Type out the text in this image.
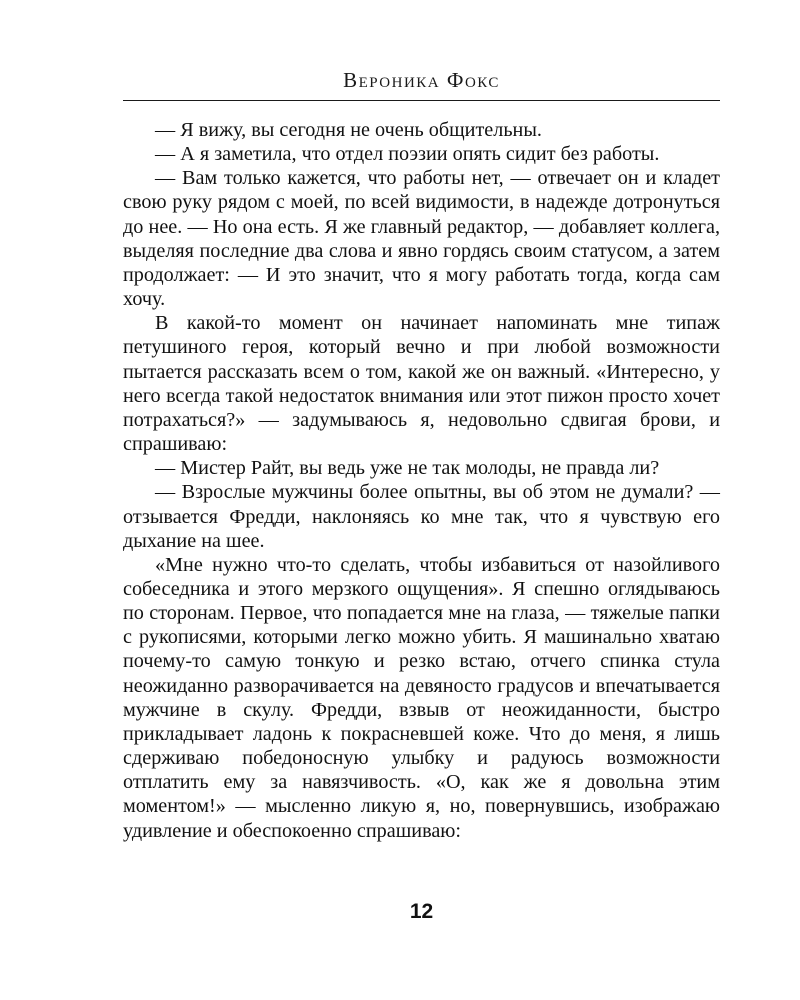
Вероника Фокс

— Я вижу, вы сегодня не очень общительны.

— А я заметила, что отдел поэзии опять сидит без работы.

— Вам только кажется, что работы нет, — отвечает он и кладет свою руку рядом с моей, по всей видимости, в надежде дотронуться до нее. — Но она есть. Я же главный редактор, — добавляет коллега, выделяя последние два слова и явно гордясь своим статусом, а затем продолжает: — И это значит, что я могу работать тогда, когда сам хочу.

В какой-то момент он начинает напоминать мне типаж петушиного героя, который вечно и при любой возможности пытается рассказать всем о том, какой же он важный. «Интересно, у него всегда такой недостаток внимания или этот пижон просто хочет потрахаться?» — задумываюсь я, недовольно сдвигая брови, и спрашиваю:

— Мистер Райт, вы ведь уже не так молоды, не правда ли?

— Взрослые мужчины более опытны, вы об этом не думали? — отзывается Фредди, наклоняясь ко мне так, что я чувствую его дыхание на шее.

«Мне нужно что-то сделать, чтобы избавиться от назойливого собеседника и этого мерзкого ощущения». Я спешно оглядываюсь по сторонам. Первое, что попадается мне на глаза, — тяжелые папки с рукописями, которыми легко можно убить. Я машинально хватаю почему-то самую тонкую и резко встаю, отчего спинка стула неожиданно разворачивается на девяносто градусов и впечатывается мужчине в скулу. Фредди, взвыв от неожиданности, быстро прикладывает ладонь к покрасневшей коже. Что до меня, я лишь сдерживаю победоносную улыбку и радуюсь возможности отплатить ему за навязчивость. «О, как же я довольна этим моментом!» — мысленно ликую я, но, повернувшись, изображаю удивление и обеспокоенно спрашиваю:

12
